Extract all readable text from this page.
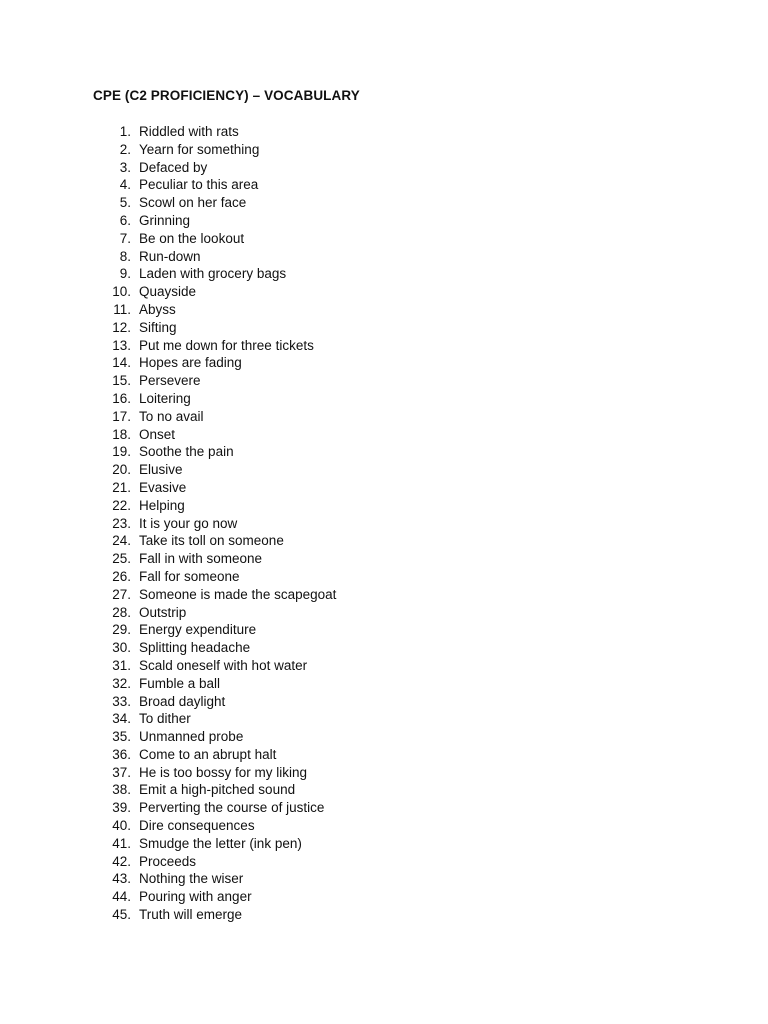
CPE (C2 PROFICIENCY) – VOCABULARY
1. Riddled with rats
2. Yearn for something
3. Defaced by
4. Peculiar to this area
5. Scowl on her face
6. Grinning
7. Be on the lookout
8. Run-down
9. Laden with grocery bags
10. Quayside
11. Abyss
12. Sifting
13. Put me down for three tickets
14. Hopes are fading
15. Persevere
16. Loitering
17. To no avail
18. Onset
19. Soothe the pain
20. Elusive
21. Evasive
22. Helping
23. It is your go now
24. Take its toll on someone
25. Fall in with someone
26. Fall for someone
27. Someone is made the scapegoat
28. Outstrip
29. Energy expenditure
30. Splitting headache
31. Scald oneself with hot water
32. Fumble a ball
33. Broad daylight
34. To dither
35. Unmanned probe
36. Come to an abrupt halt
37. He is too bossy for my liking
38. Emit a high-pitched sound
39. Perverting the course of justice
40. Dire consequences
41. Smudge the letter (ink pen)
42. Proceeds
43. Nothing the wiser
44. Pouring with anger
45. Truth will emerge
